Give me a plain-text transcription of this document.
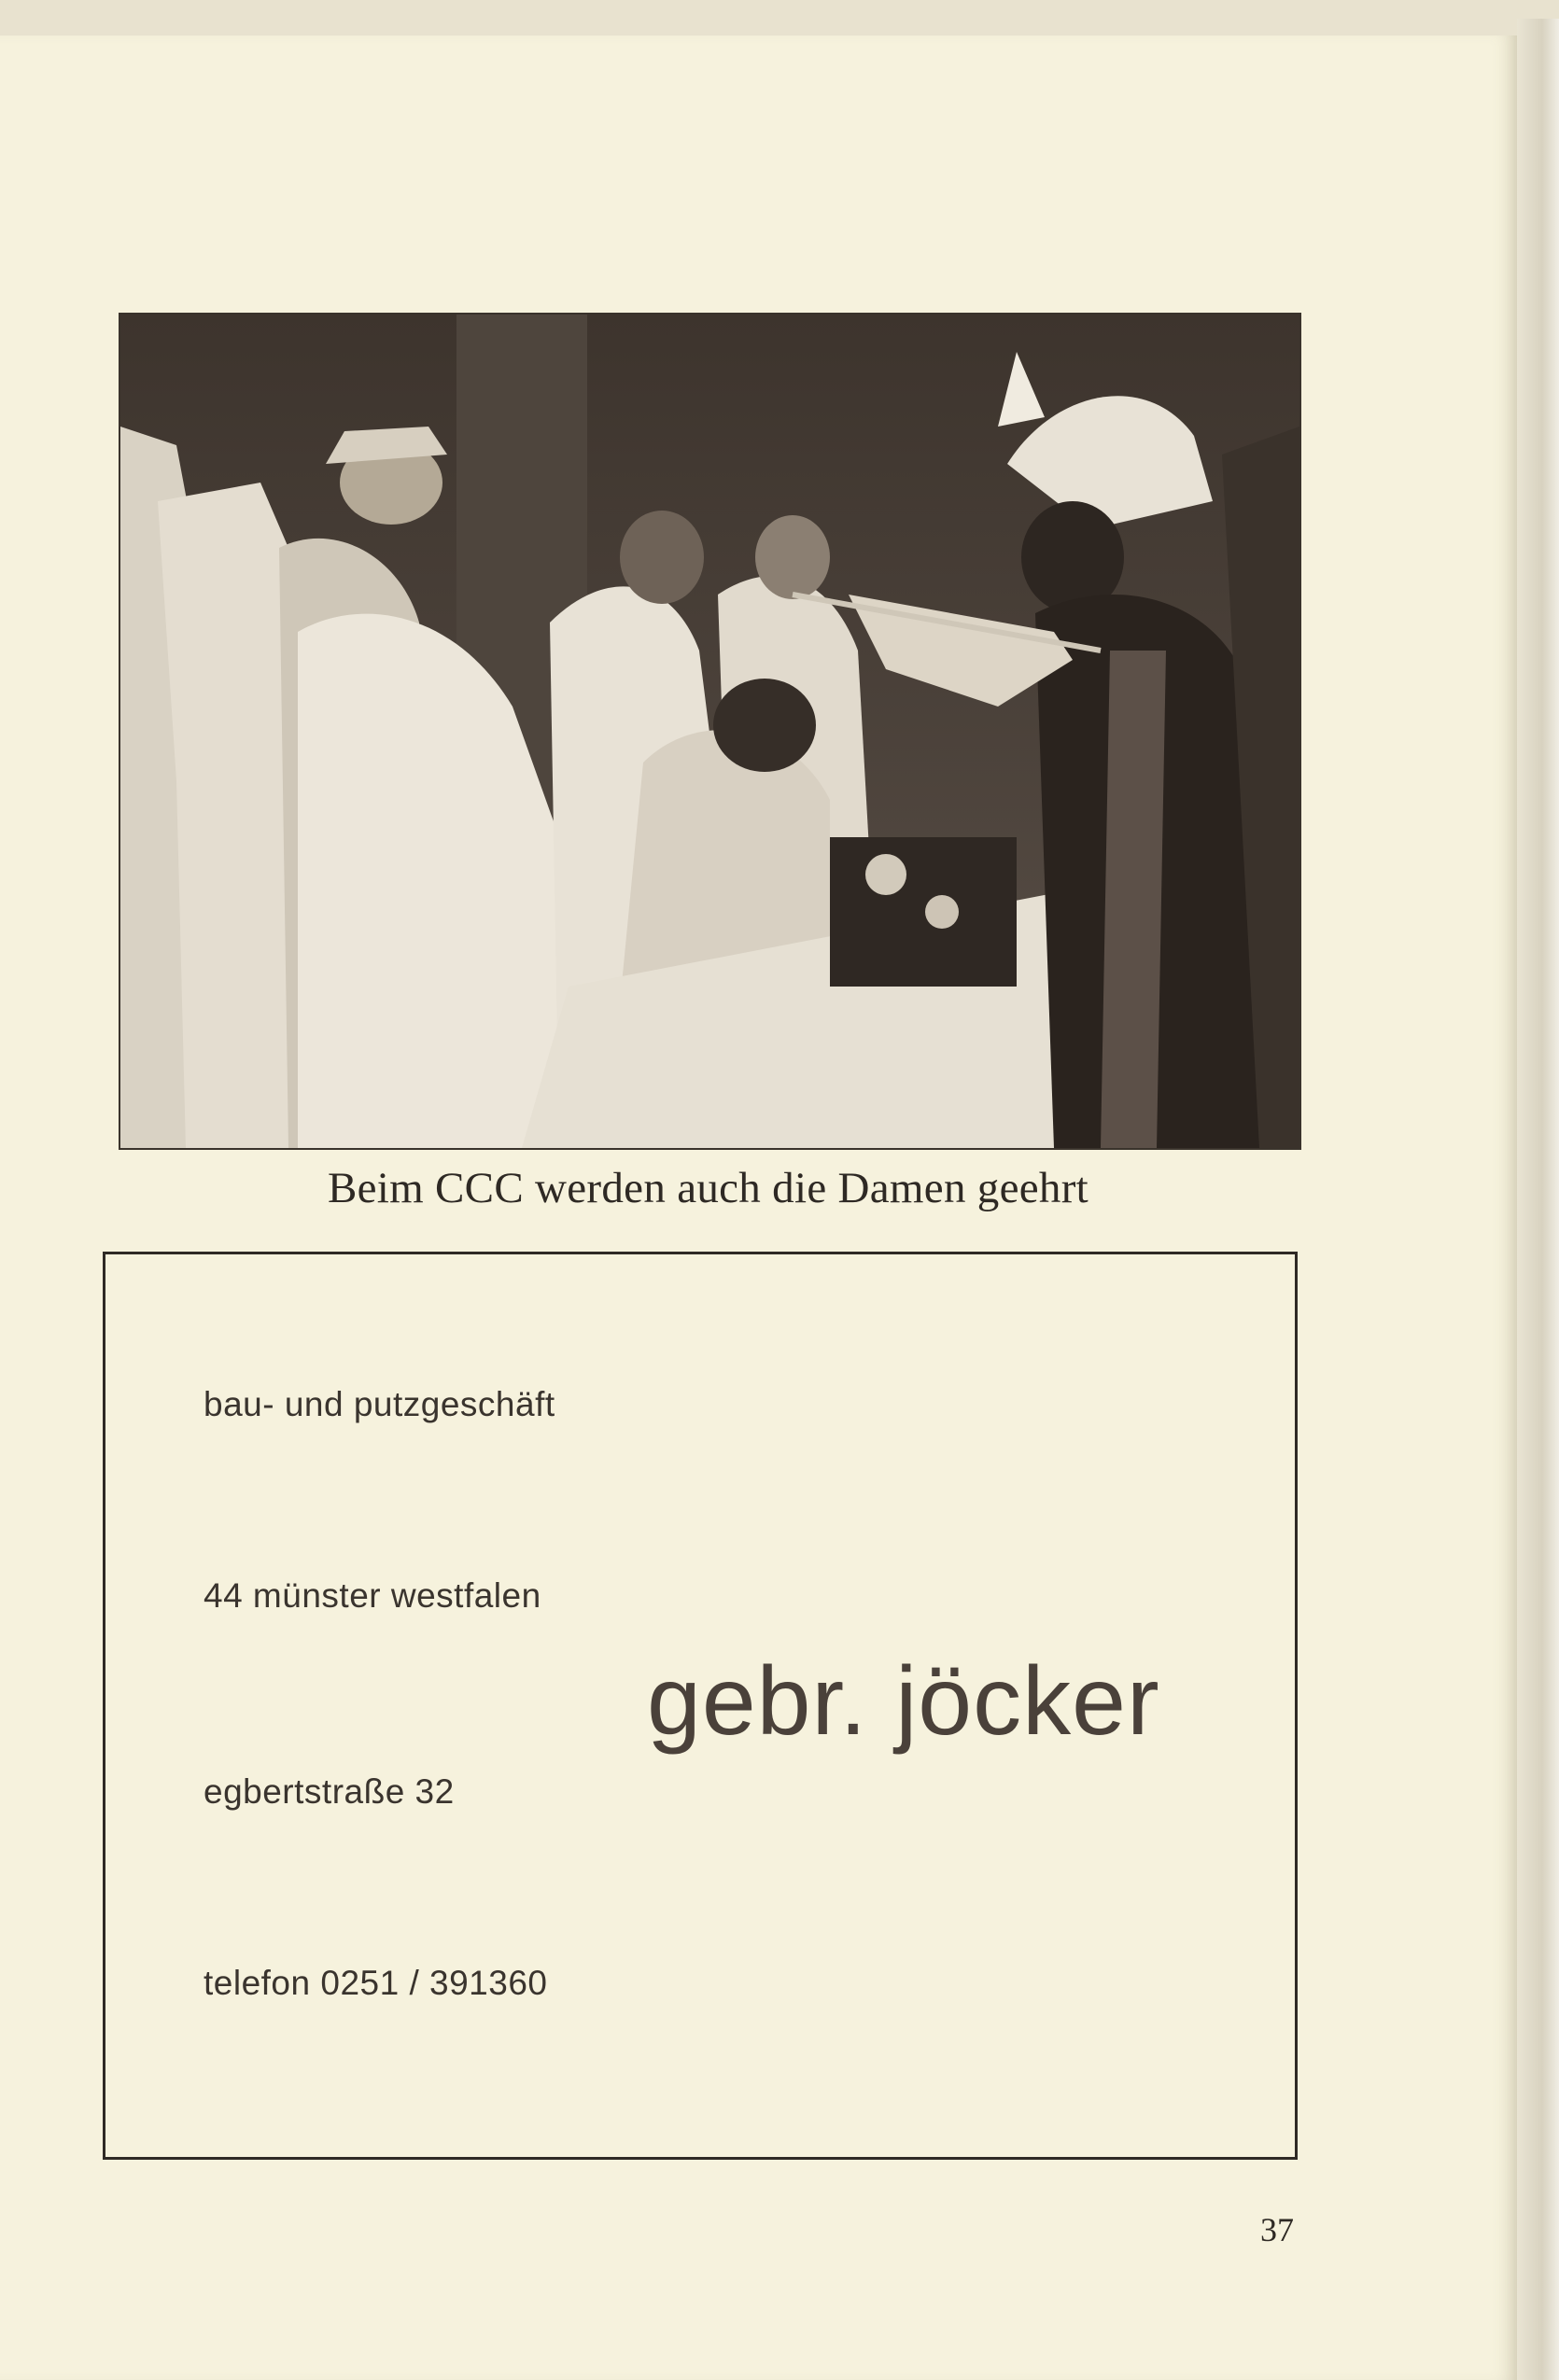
Beim CCC werden auch die Damen geehrt
bau- und putzgeschäft
44 münster westfalen
egbertstraße 32
telefon 0251 / 391360
gebr. jöcker
37
